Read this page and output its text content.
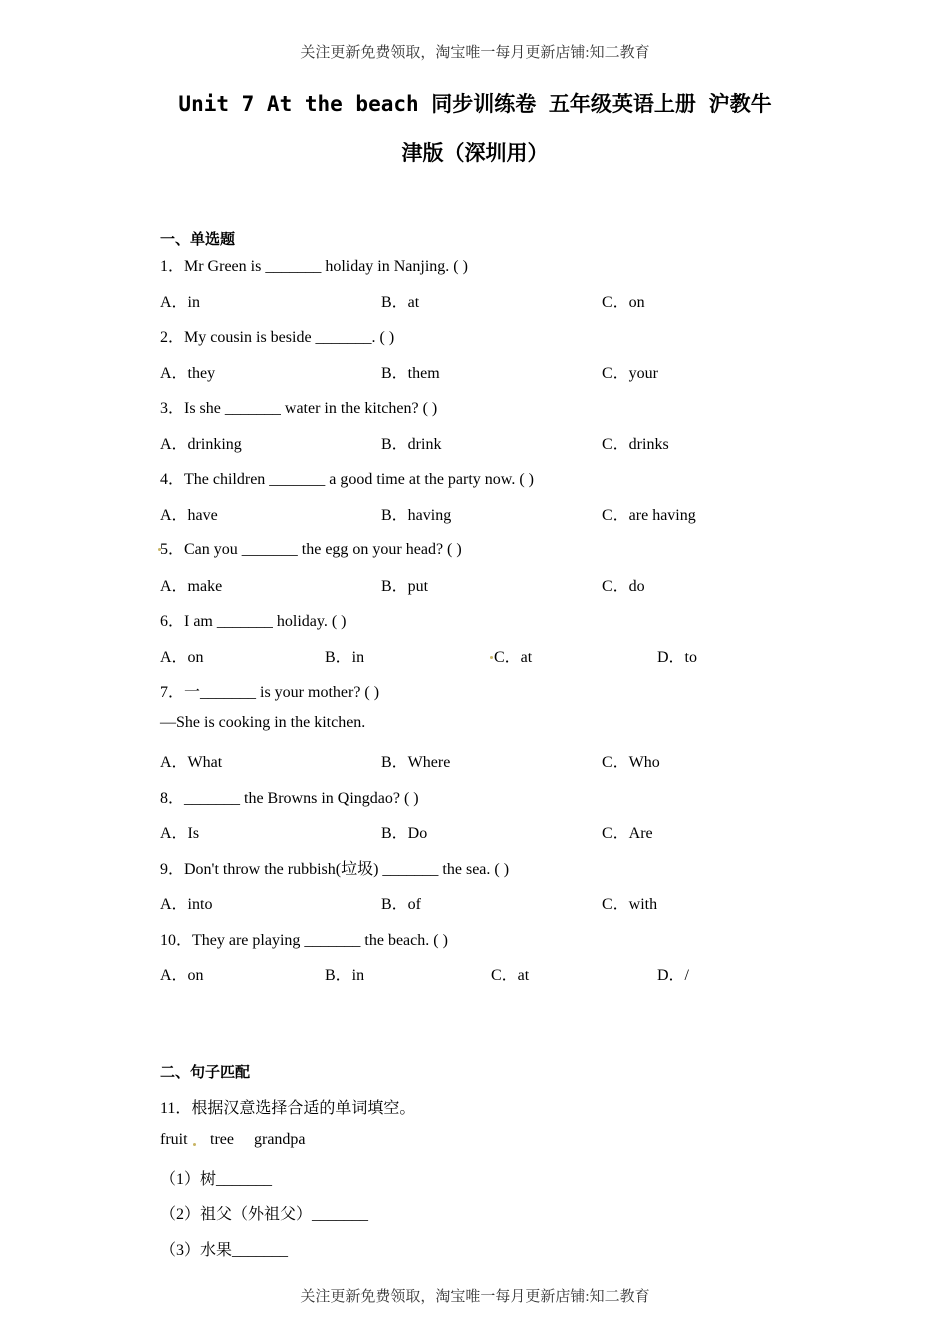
关注更新免费领取，淘宝唯一每月更新店铺:知二教育
Unit 7 At the beach 同步训练卷 五年级英语上册 沪教牛
津版（深圳用）
一、单选题
1．Mr Green is _______ holiday in Nanjing. ( )
A．in	B．at	C．on
2．My cousin is beside _______. ( )
A．they	B．them	C．your
3．Is she _______ water in the kitchen? ( )
A．drinking	B．drink	C．drinks
4．The children _______ a good time at the party now. ( )
A．have	B．having	C．are having
5．Can you _______ the egg on your head? ( )
A．make	B．put	C．do
6．I am _______ holiday. ( )
A．on	B．in	C．at	D．to
7．一_______ is your mother? ( )
—She is cooking in the kitchen.
A．What	B．Where	C．Who
8．_______ the Browns in Qingdao? ( )
A．Is	B．Do	C．Are
9．Don't throw the rubbish(垃圾) _______ the sea. ( )
A．into	B．of	C．with
10．They are playing _______ the beach. ( )
A．on	B．in	C．at	D．/
二、句子匹配
11．根据汉意选择合适的单词填空。
fruit tree grandpa
（1）树_______
（2）祖父（外祖父）_______
（3）水果_______
关注更新免费领取，淘宝唯一每月更新店铺:知二教育
